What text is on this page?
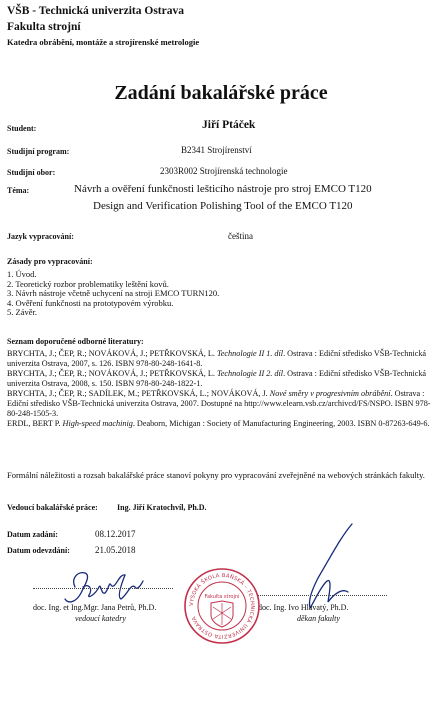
VŠB - Technická univerzita Ostrava
Fakulta strojní
Katedra obrábění, montáže a strojírenské metrologie
Zadání bakalářské práce
Student:	Jiří Ptáček
Studijní program:	B2341 Strojírenství
Studijní obor:	2303R002 Strojírenská technologie
Téma:	Návrh a ověření funkčnosti lešticího nástroje pro stroj EMCO T120
Design and Verification Polishing Tool of the EMCO T120
Jazyk vypracování:	čeština
Zásady pro vypracování:
1. Úvod.
2. Teoretický rozbor problematiky leštění kovů.
3. Návrh nástroje včetně uchycení na stroji EMCO TURN120.
4. Ověření funkčnosti na prototypovém výrobku.
5. Závěr.
Seznam doporučené odborné literatury:

BRYCHTA, J.; ČEP, R.; NOVÁKOVÁ, J.; PETŘKOVSKÁ, L. Technologie II 1. díl. Ostrava : Ediční středisko VŠB-Technická univerzita Ostrava, 2007, s. 126. ISBN 978-80-248-1641-8.

BRYCHTA, J.; ČEP, R.; NOVÁKOVÁ, J.; PETŘKOVSKÁ, L. Technologie II 2. díl. Ostrava : Ediční středisko VŠB-Technická univerzita Ostrava, 2008, s. 150. ISBN 978-80-248-1822-1.

BRYCHTA, J.; ČEP, R.; SADÍLEK, M.; PETŘKOVSKÁ, L.; NOVÁKOVÁ, J. Nové směry v progresivním obrábění. Ostrava : Ediční středisko VŠB-Technická univerzita Ostrava, 2007. Dostupné na http://www.elearn.vsb.cz/archivcd/FS/NSPO. ISBN 978-80-248-1505-3.

ERDL, BERT P. High-speed machinig. Deaborn, Michigan : Society of Manufacturing Engineering, 2003. ISBN 0-87263-649-6.

Formální náležitosti a rozsah bakalářské práce stanoví pokyny pro vypracování zveřejněné na webových stránkách fakulty.
Vedoucí bakalářské práce: Ing. Jiří Kratochvíl, Ph.D.
Datum zadání:	08.12.2017
Datum odevzdání:	21.05.2018
doc. Ing. et Ing.Mgr. Jana Petrů, Ph.D.
vedoucí katedry
doc. Ing. Ivo Hlavatý, Ph.D.
děkan fakulty
VYSOKÁ ŠKOLA BÁŇSKÁ – TECHNICKÁ UNIVERZITA OSTRAVA
Fakulta strojní
